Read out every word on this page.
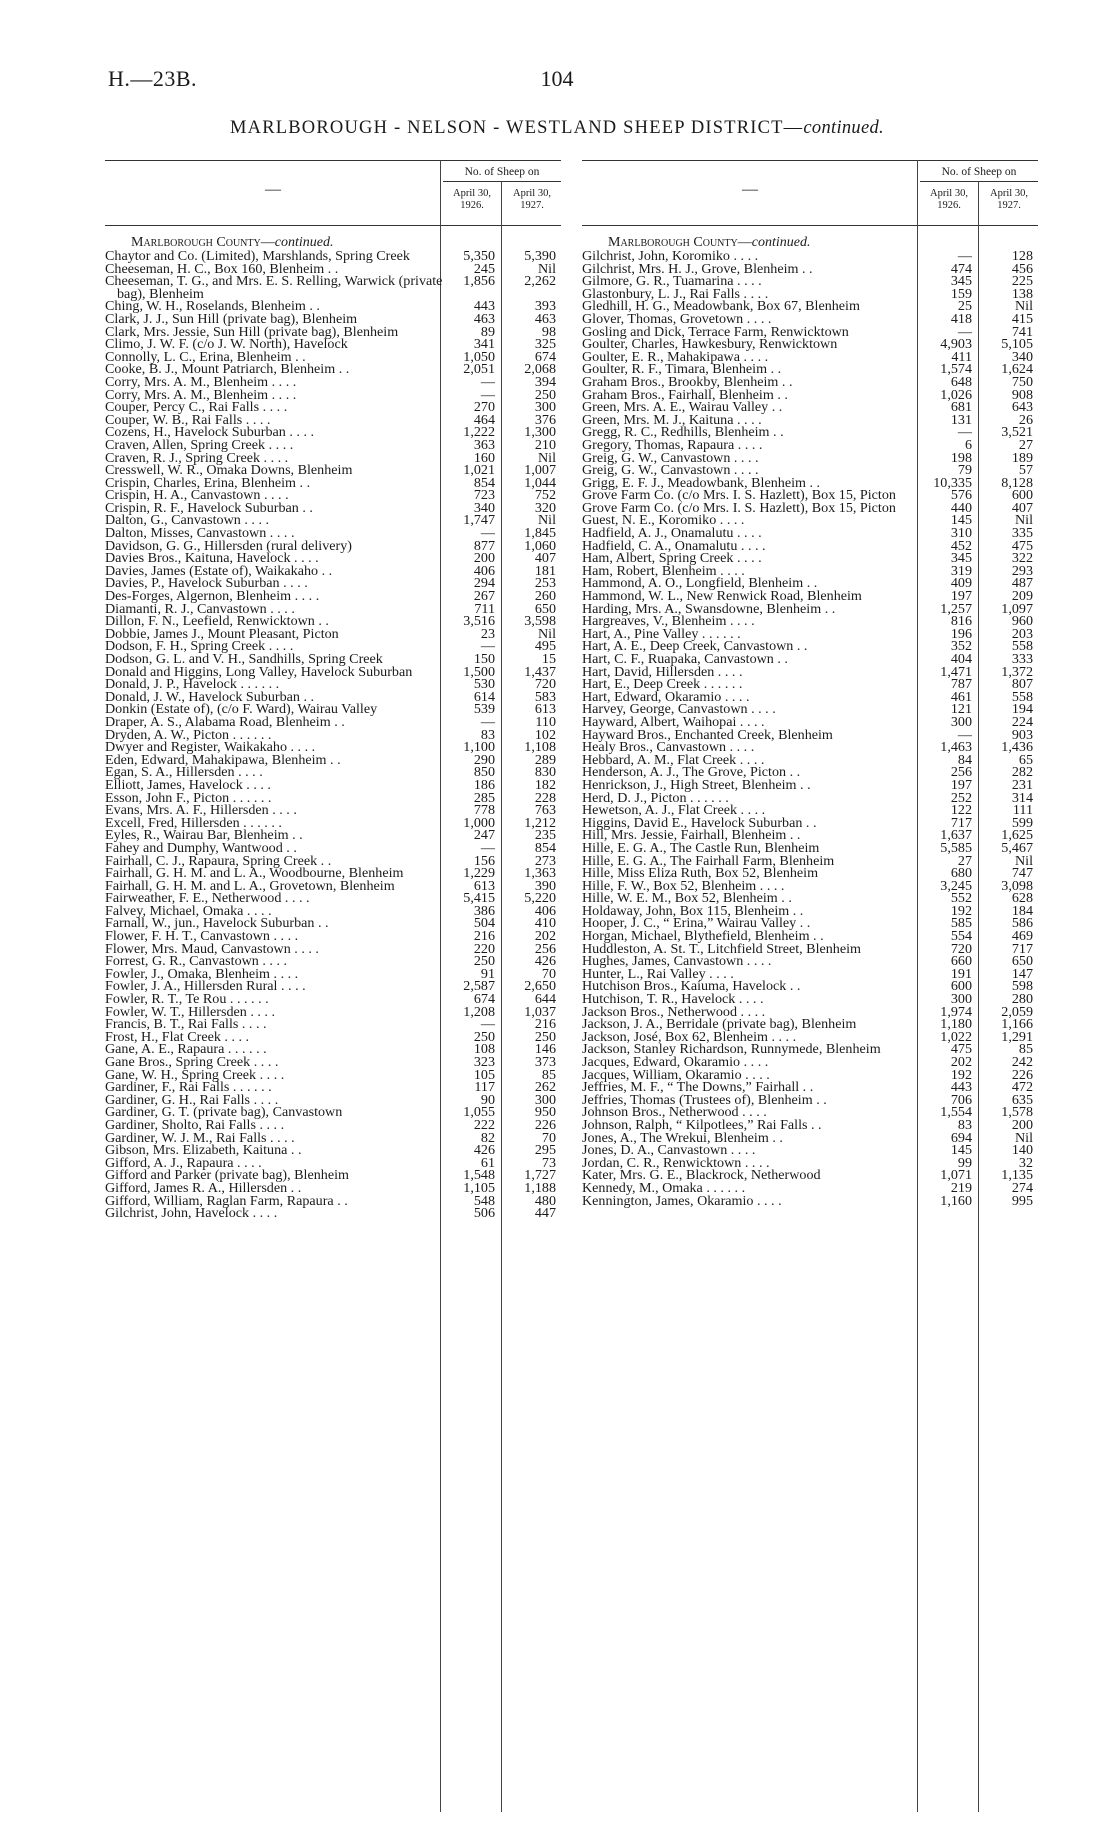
H.—23B.	104
MARLBOROUGH - NELSON - WESTLAND SHEEP DISTRICT—continued.
—
No. of Sheep on
April 30,
1926.
April 30,
1927.
Marlborough County—continued.
Chaytor and Co. (Limited), Marshlands, Spring Creek	5,350	5,390
Cheeseman, H. C., Box 160, Blenheim . .	245	Nil
Cheeseman, T. G., and Mrs. E. S. Relling, Warwick (private bag), Blenheim
1,856	2,262
Ching, W. H., Roselands, Blenheim . .	443	393
Clark, J. J., Sun Hill (private bag), Blenheim	463	463
Clark, Mrs. Jessie, Sun Hill (private bag), Blenheim	89	98
Climo, J. W. F. (c/o J. W. North), Havelock	341	325
Connolly, L. C., Erina, Blenheim . .	1,050	674
Cooke, B. J., Mount Patriarch, Blenheim . .	2,051	2,068
Corry, Mrs. A. M., Blenheim . . . .	—	394
Corry, Mrs. A. M., Blenheim . . . .	—	250
Couper, Percy C., Rai Falls . . . .	270	300
Couper, W. B., Rai Falls . . . .	464	376
Cozens, H., Havelock Suburban . . . .	1,222	1,300
Craven, Allen, Spring Creek . . . .	363	210
Craven, R. J., Spring Creek . . . .	160	Nil
Cresswell, W. R., Omaka Downs, Blenheim	1,021	1,007
Crispin, Charles, Erina, Blenheim . .	854	1,044
Crispin, H. A., Canvastown . . . .	723	752
Crispin, R. F., Havelock Suburban . .	340	320
Dalton, G., Canvastown . . . .	1,747	Nil
Dalton, Misses, Canvastown . . . .	—	1,845
Davidson, G. G., Hillersden (rural delivery)	877	1,060
Davies Bros., Kaituna, Havelock . . . .	200	407
Davies, James (Estate of), Waikakaho . .	406	181
Davies, P., Havelock Suburban . . . .	294	253
Des-Forges, Algernon, Blenheim . . . .	267	260
Diamanti, R. J., Canvastown . . . .	711	650
Dillon, F. N., Leefield, Renwicktown . .	3,516	3,598
Dobbie, James J., Mount Pleasant, Picton	23	Nil
Dodson, F. H., Spring Creek . . . .	—	495
Dodson, G. L. and V. H., Sandhills, Spring Creek	150	15
Donald and Higgins, Long Valley, Havelock Suburban	1,500	1,437
Donald, J. P., Havelock . . . . . .	530	720
Donald, J. W., Havelock Suburban . .	614	583
Donkin (Estate of), (c/o F. Ward), Wairau Valley	539	613
Draper, A. S., Alabama Road, Blenheim . .	—	110
Dryden, A. W., Picton . . . . . .	83	102
Dwyer and Register, Waikakaho . . . .	1,100	1,108
Eden, Edward, Mahakipawa, Blenheim . .	290	289
Egan, S. A., Hillersden . . . .	850	830
Elliott, James, Havelock . . . .	186	182
Esson, John F., Picton . . . . . .	285	228
Evans, Mrs. A. F., Hillersden . . . .	778	763
Excell, Fred, Hillersden . . . . . .	1,000	1,212
Eyles, R., Wairau Bar, Blenheim . .	247	235
Fahey and Dumphy, Wantwood . .	—	854
Fairhall, C. J., Rapaura, Spring Creek . .	156	273
Fairhall, G. H. M. and L. A., Woodbourne, Blenheim	1,229	1,363
Fairhall, G. H. M. and L. A., Grovetown, Blenheim	613	390
Fairweather, F. E., Netherwood . . . .	5,415	5,220
Falvey, Michael, Omaka . . . .	386	406
Farnall, W., jun., Havelock Suburban . .	504	410
Flower, F. H. T., Canvastown . . . .	216	202
Flower, Mrs. Maud, Canvastown . . . .	220	256
Forrest, G. R., Canvastown . . . .	250	426
Fowler, J., Omaka, Blenheim . . . .	91	70
Fowler, J. A., Hillersden Rural . . . .	2,587	2,650
Fowler, R. T., Te Rou . . . . . .	674	644
Fowler, W. T., Hillersden . . . .	1,208	1,037
Francis, B. T., Rai Falls . . . .	—	216
Frost, H., Flat Creek . . . .	250	250
Gane, A. E., Rapaura . . . . . .	108	146
Gane Bros., Spring Creek . . . .	323	373
Gane, W. H., Spring Creek . . . .	105	85
Gardiner, F., Rai Falls . . . . . .	117	262
Gardiner, G. H., Rai Falls . . . .	90	300
Gardiner, G. T. (private bag), Canvastown	1,055	950
Gardiner, Sholto, Rai Falls . . . .	222	226
Gardiner, W. J. M., Rai Falls . . . .	82	70
Gibson, Mrs. Elizabeth, Kaituna . .	426	295
Gifford, A. J., Rapaura . . . .	61	73
Gifford and Parker (private bag), Blenheim	1,548	1,727
Gifford, James R. A., Hillersden . .	1,105	1,188
Gifford, William, Raglan Farm, Rapaura . .	548	480
Gilchrist, John, Havelock . . . .	506	447
—
No. of Sheep on
April 30,
1926.
April 30,
1927.
Marlborough County—continued.
Gilchrist, John, Koromiko . . . .	—	128
Gilchrist, Mrs. H. J., Grove, Blenheim . .	474	456
Gilmore, G. R., Tuamarina . . . .	345	225
Glastonbury, L. J., Rai Falls . . . .	159	138
Gledhill, H. G., Meadowbank, Box 67, Blenheim	25	Nil
Glover, Thomas, Grovetown . . . .	418	415
Gosling and Dick, Terrace Farm, Renwicktown	—	741
Goulter, Charles, Hawkesbury, Renwicktown	4,903	5,105
Goulter, E. R., Mahakipawa . . . .	411	340
Goulter, R. F., Timara, Blenheim . .	1,574	1,624
Graham Bros., Brookby, Blenheim . .	648	750
Graham Bros., Fairhall, Blenheim . .	1,026	908
Green, Mrs. A. E., Wairau Valley . .	681	643
Green, Mrs. M. J., Kaituna . . . .	131	26
Gregg, R. C., Redhills, Blenheim . .	—	3,521
Gregory, Thomas, Rapaura . . . .	6	27
Greig, G. W., Canvastown . . . .	198	189
Greig, G. W., Canvastown . . . .	79	57
Grigg, E. F. J., Meadowbank, Blenheim . .	10,335	8,128
Grove Farm Co. (c/o Mrs. I. S. Hazlett), Box 15, Picton	576	600
Grove Farm Co. (c/o Mrs. I. S. Hazlett), Box 15, Picton	440	407
Guest, N. E., Koromiko . . . .	145	Nil
Hadfield, A. J., Onamalutu . . . .	310	335
Hadfield, C. A., Onamalutu . . . .	452	475
Ham, Albert, Spring Creek . . . .	345	322
Ham, Robert, Blenheim . . . .	319	293
Hammond, A. O., Longfield, Blenheim . .	409	487
Hammond, W. L., New Renwick Road, Blenheim	197	209
Harding, Mrs. A., Swansdowne, Blenheim . .	1,257	1,097
Hargreaves, V., Blenheim . . . .	816	960
Hart, A., Pine Valley . . . . . .	196	203
Hart, A. E., Deep Creek, Canvastown . .	352	558
Hart, C. F., Ruapaka, Canvastown . .	404	333
Hart, David, Hillersden . . . .	1,471	1,372
Hart, E., Deep Creek . . . . . .	787	807
Hart, Edward, Okaramio . . . .	461	558
Harvey, George, Canvastown . . . .	121	194
Hayward, Albert, Waihopai . . . .	300	224
Hayward Bros., Enchanted Creek, Blenheim	—	903
Healy Bros., Canvastown . . . .	1,463	1,436
Hebbard, A. M., Flat Creek . . . .	84	65
Henderson, A. J., The Grove, Picton . .	256	282
Henrickson, J., High Street, Blenheim . .	197	231
Herd, D. J., Picton . . . . . .	252	314
Hewetson, A. J., Flat Creek . . . .	122	111
Higgins, David E., Havelock Suburban . .	717	599
Hill, Mrs. Jessie, Fairhall, Blenheim . .	1,637	1,625
Hille, E. G. A., The Castle Run, Blenheim	5,585	5,467
Hille, E. G. A., The Fairhall Farm, Blenheim	27	Nil
Hille, Miss Eliza Ruth, Box 52, Blenheim	680	747
Hille, F. W., Box 52, Blenheim . . . .	3,245	3,098
Hille, W. E. M., Box 52, Blenheim . .	552	628
Holdaway, John, Box 115, Blenheim . .	192	184
Hooper, J. C., “ Erina,” Wairau Valley . .	585	586
Horgan, Michael, Blythefield, Blenheim . .	554	469
Huddleston, A. St. T., Litchfield Street, Blenheim	720	717
Hughes, James, Canvastown . . . .	660	650
Hunter, L., Rai Valley . . . .	191	147
Hutchison Bros., Kaiuma, Havelock . .	600	598
Hutchison, T. R., Havelock . . . .	300	280
Jackson Bros., Netherwood . . . .	1,974	2,059
Jackson, J. A., Berridale (private bag), Blenheim	1,180	1,166
Jackson, José, Box 62, Blenheim . . . .	1,022	1,291
Jackson, Stanley Richardson, Runnymede, Blenheim	475	85
Jacques, Edward, Okaramio . . . .	202	242
Jacques, William, Okaramio . . . .	192	226
Jeffries, M. F., “ The Downs,” Fairhall . .	443	472
Jeffries, Thomas (Trustees of), Blenheim . .	706	635
Johnson Bros., Netherwood . . . .	1,554	1,578
Johnson, Ralph, “ Kilpotlees,” Rai Falls . .	83	200
Jones, A., The Wrekui, Blenheim . .	694	Nil
Jones, D. A., Canvastown . . . .	145	140
Jordan, C. R., Renwicktown . . . .	99	32
Kater, Mrs. G. E., Blackrock, Netherwood	1,071	1,135
Kennedy, M., Omaka . . . . . .	219	274
Kennington, James, Okaramio . . . .	1,160	995
